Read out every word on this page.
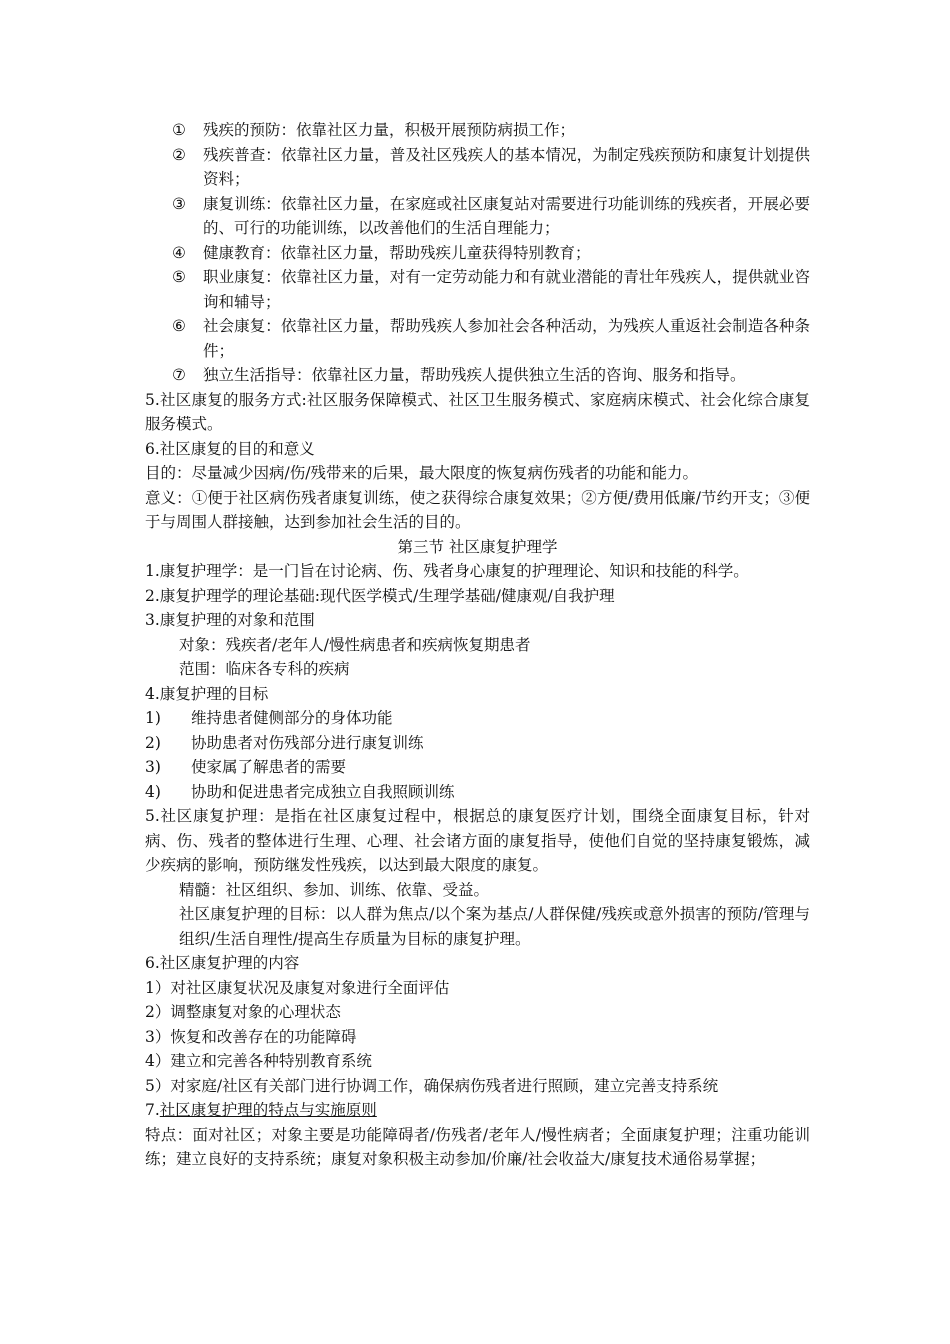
①	残疾的预防：依靠社区力量，积极开展预防病损工作；
②	残疾普查：依靠社区力量，普及社区残疾人的基本情况，为制定残疾预防和康复计划提供资料；
③	康复训练：依靠社区力量，在家庭或社区康复站对需要进行功能训练的残疾者，开展必要的、可行的功能训练，以改善他们的生活自理能力；
④	健康教育：依靠社区力量，帮助残疾儿童获得特别教育；
⑤	职业康复：依靠社区力量，对有一定劳动能力和有就业潜能的青壮年残疾人，提供就业咨询和辅导；
⑥	社会康复：依靠社区力量，帮助残疾人参加社会各种活动，为残疾人重返社会制造各种条件；
⑦	独立生活指导：依靠社区力量，帮助残疾人提供独立生活的咨询、服务和指导。

5.社区康复的服务方式:社区服务保障模式、社区卫生服务模式、家庭病床模式、社会化综合康复服务模式。

6.社区康复的目的和意义

目的：尽量减少因病/伤/残带来的后果，最大限度的恢复病伤残者的功能和能力。

意义：①便于社区病伤残者康复训练，使之获得综合康复效果；②方便/费用低廉/节约开支；③便于与周围人群接触，达到参加社会生活的目的。

第三节 社区康复护理学

1.康复护理学：是一门旨在讨论病、伤、残者身心康复的护理理论、知识和技能的科学。

2.康复护理学的理论基础:现代医学模式/生理学基础/健康观/自我护理

3.康复护理的对象和范围

对象：残疾者/老年人/慢性病患者和疾病恢复期患者

范围：临床各专科的疾病

4.康复护理的目标

1)	维持患者健侧部分的身体功能
2)	协助患者对伤残部分进行康复训练
3)	使家属了解患者的需要
4)	协助和促进患者完成独立自我照顾训练

5.社区康复护理：是指在社区康复过程中，根据总的康复医疗计划，围绕全面康复目标，针对病、伤、残者的整体进行生理、心理、社会诸方面的康复指导，使他们自觉的坚持康复锻炼，减少疾病的影响，预防继发性残疾，以达到最大限度的康复。

精髓：社区组织、参加、训练、依靠、受益。

社区康复护理的目标：以人群为焦点/以个案为基点/人群保健/残疾或意外损害的预防/管理与组织/生活自理性/提高生存质量为目标的康复护理。

6.社区康复护理的内容

1）对社区康复状况及康复对象进行全面评估

2）调整康复对象的心理状态

3）恢复和改善存在的功能障碍

4）建立和完善各种特别教育系统

5）对家庭/社区有关部门进行协调工作，确保病伤残者进行照顾，建立完善支持系统

7.社区康复护理的特点与实施原则

特点：面对社区；对象主要是功能障碍者/伤残者/老年人/慢性病者；全面康复护理；注重功能训练；建立良好的支持系统；康复对象积极主动参加/价廉/社会收益大/康复技术通俗易掌握；
